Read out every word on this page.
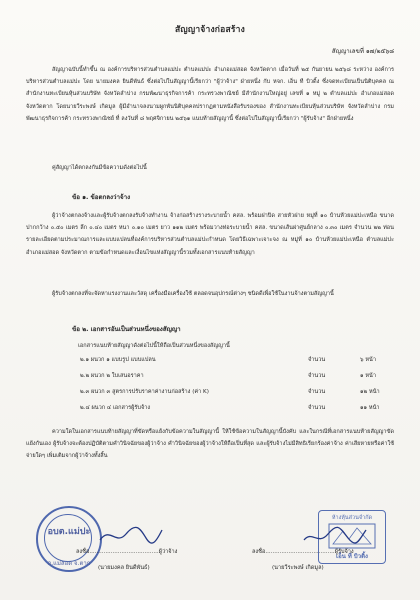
สัญญาจ้างก่อสร้าง
สัญญาเลขที่ ๑๗/๒๕๖๘
สัญญาฉบับนี้ทำขึ้น ณ องค์การบริหารส่วนตำบลแม่ปะ ตำบลแม่ปะ อำเภอแม่สอด จังหวัดตาก เมื่อวันที่ ๒๕ กันยายน ๒๕๖๘ ระหว่าง องค์การบริหารส่วนตำบลแม่ปะ โดย นายมงคล ยินดีพันธ์ ซึ่งต่อไปในสัญญานี้เรียกว่า "ผู้ว่าจ้าง" ฝ่ายหนึ่ง กับ หจก. เอ็น ที บิวดิ้ง ซึ่งจดทะเบียนเป็นนิติบุคคล ณ สำนักงานทะเบียนหุ้นส่วนบริษัท จังหวัดลำปาง กรมพัฒนาธุรกิจการค้า กระทรวงพาณิชย์ มีสำนักงานใหญ่อยู่ เลขที่ ๑ หมู่ ๒ ตำบลแม่ปะ อำเภอแม่สอด จังหวัดตาก โดยนายวีระพงษ์ เกิดมูล ผู้มีอำนาจลงนามผูกพันนิติบุคคลปรากฏตามหนังสือรับรองของ สำนักงานทะเบียนหุ้นส่วนบริษัท จังหวัดลำปาง กรมพัฒนาธุรกิจการค้า กระทรวงพาณิชย์ ที่ ลงวันที่ ๘ พฤศจิกายน ๒๕๖๑ แนบท้ายสัญญานี้ ซึ่งต่อไปในสัญญานี้เรียกว่า "ผู้รับจ้าง" อีกฝ่ายหนึ่ง
คู่สัญญาได้ตกลงกันมีข้อความดังต่อไปนี้
ข้อ ๑. ข้อตกลงว่าจ้าง
ผู้ว่าจ้างตกลงจ้างและผู้รับจ้างตกลงรับจ้างทำงาน จ้างก่อสร้างรางระบายน้ำ คสล. พร้อมฝาปิด สายหัวฝาย หมู่ที่ ๑๐ บ้านห้วยแม่ปะเหนือ ขนาดปากกว้าง ๐.๕๐ เมตร ลึก ๐.๔๐ เมตร หนา ๐.๑๐ เมตร ยาว ๑๑๒ เมตร พร้อมวางท่อระบายน้ำ คสล. ขนาดเส้นผ่าศูนย์กลาง ๐.๓๐ เมตร จำนวน ๒๒ ท่อน รายละเอียดตามประมาณการและแบบแปลนที่องค์การบริหารส่วนตำบลแม่ปะกำหนด โดยวิธีเฉพาะเจาะจง ณ หมู่ที่ ๑๐ บ้านห้วยแม่ปะเหนือ ตำบลแม่ปะ อำเภอแม่สอด จังหวัดตาก ตามข้อกำหนดและเงื่อนไขแห่งสัญญานี้รวมทั้งเอกสารแนบท้ายสัญญา
ผู้รับจ้างตกลงที่จะจัดหาแรงงานและวัสดุ เครื่องมือเครื่องใช้ ตลอดจนอุปกรณ์ต่างๆ ชนิดดีเพื่อใช้ในงานจ้างตามสัญญานี้
ข้อ ๒. เอกสารอันเป็นส่วนหนึ่งของสัญญา
เอกสารแนบท้ายสัญญาดังต่อไปนี้ให้ถือเป็นส่วนหนึ่งของสัญญานี้
๒.๑ ผนวก ๑ แบบรูป แบบแปลน	จำนวน	๖ หน้า
๒.๒ ผนวก ๒ ใบเสนอราคา	จำนวน	๑ หน้า
๒.๓ ผนวก ๓ สูตรการปรับราคาค่างานก่อสร้าง (ค่า K)	จำนวน	๑๒ หน้า
๒.๔ ผนวก ๔ เอกสารผู้รับจ้าง	จำนวน	๑๑ หน้า
ความใดในเอกสารแนบท้ายสัญญาที่ขัดหรือแย้งกับข้อความในสัญญานี้ ให้ใช้ข้อความในสัญญานี้บังคับ และในกรณีที่เอกสารแนบท้ายสัญญาขัดแย้งกันเอง ผู้รับจ้างจะต้องปฏิบัติตามคำวินิจฉัยของผู้ว่าจ้าง คำวินิจฉัยของผู้ว่าจ้างให้ถือเป็นที่สุด และผู้รับจ้างไม่มีสิทธิเรียกร้องค่าจ้าง ค่าเสียหายหรือค่าใช้จ่ายใดๆ เพิ่มเติมจากผู้ว่าจ้างทั้งสิ้น
อบต.แม่ปะ
อ.แม่สอด จ.ตาก
ห้างหุ้นส่วนจำกัด
เอ็น ที บิวดิ้ง
ลงชื่อ.......................................ผู้ว่าจ้าง
(นายมงคล ยินดีพันธ์)
ลงชื่อ.......................................ผู้รับจ้าง
(นายวีระพงษ์ เกิดมูล)
